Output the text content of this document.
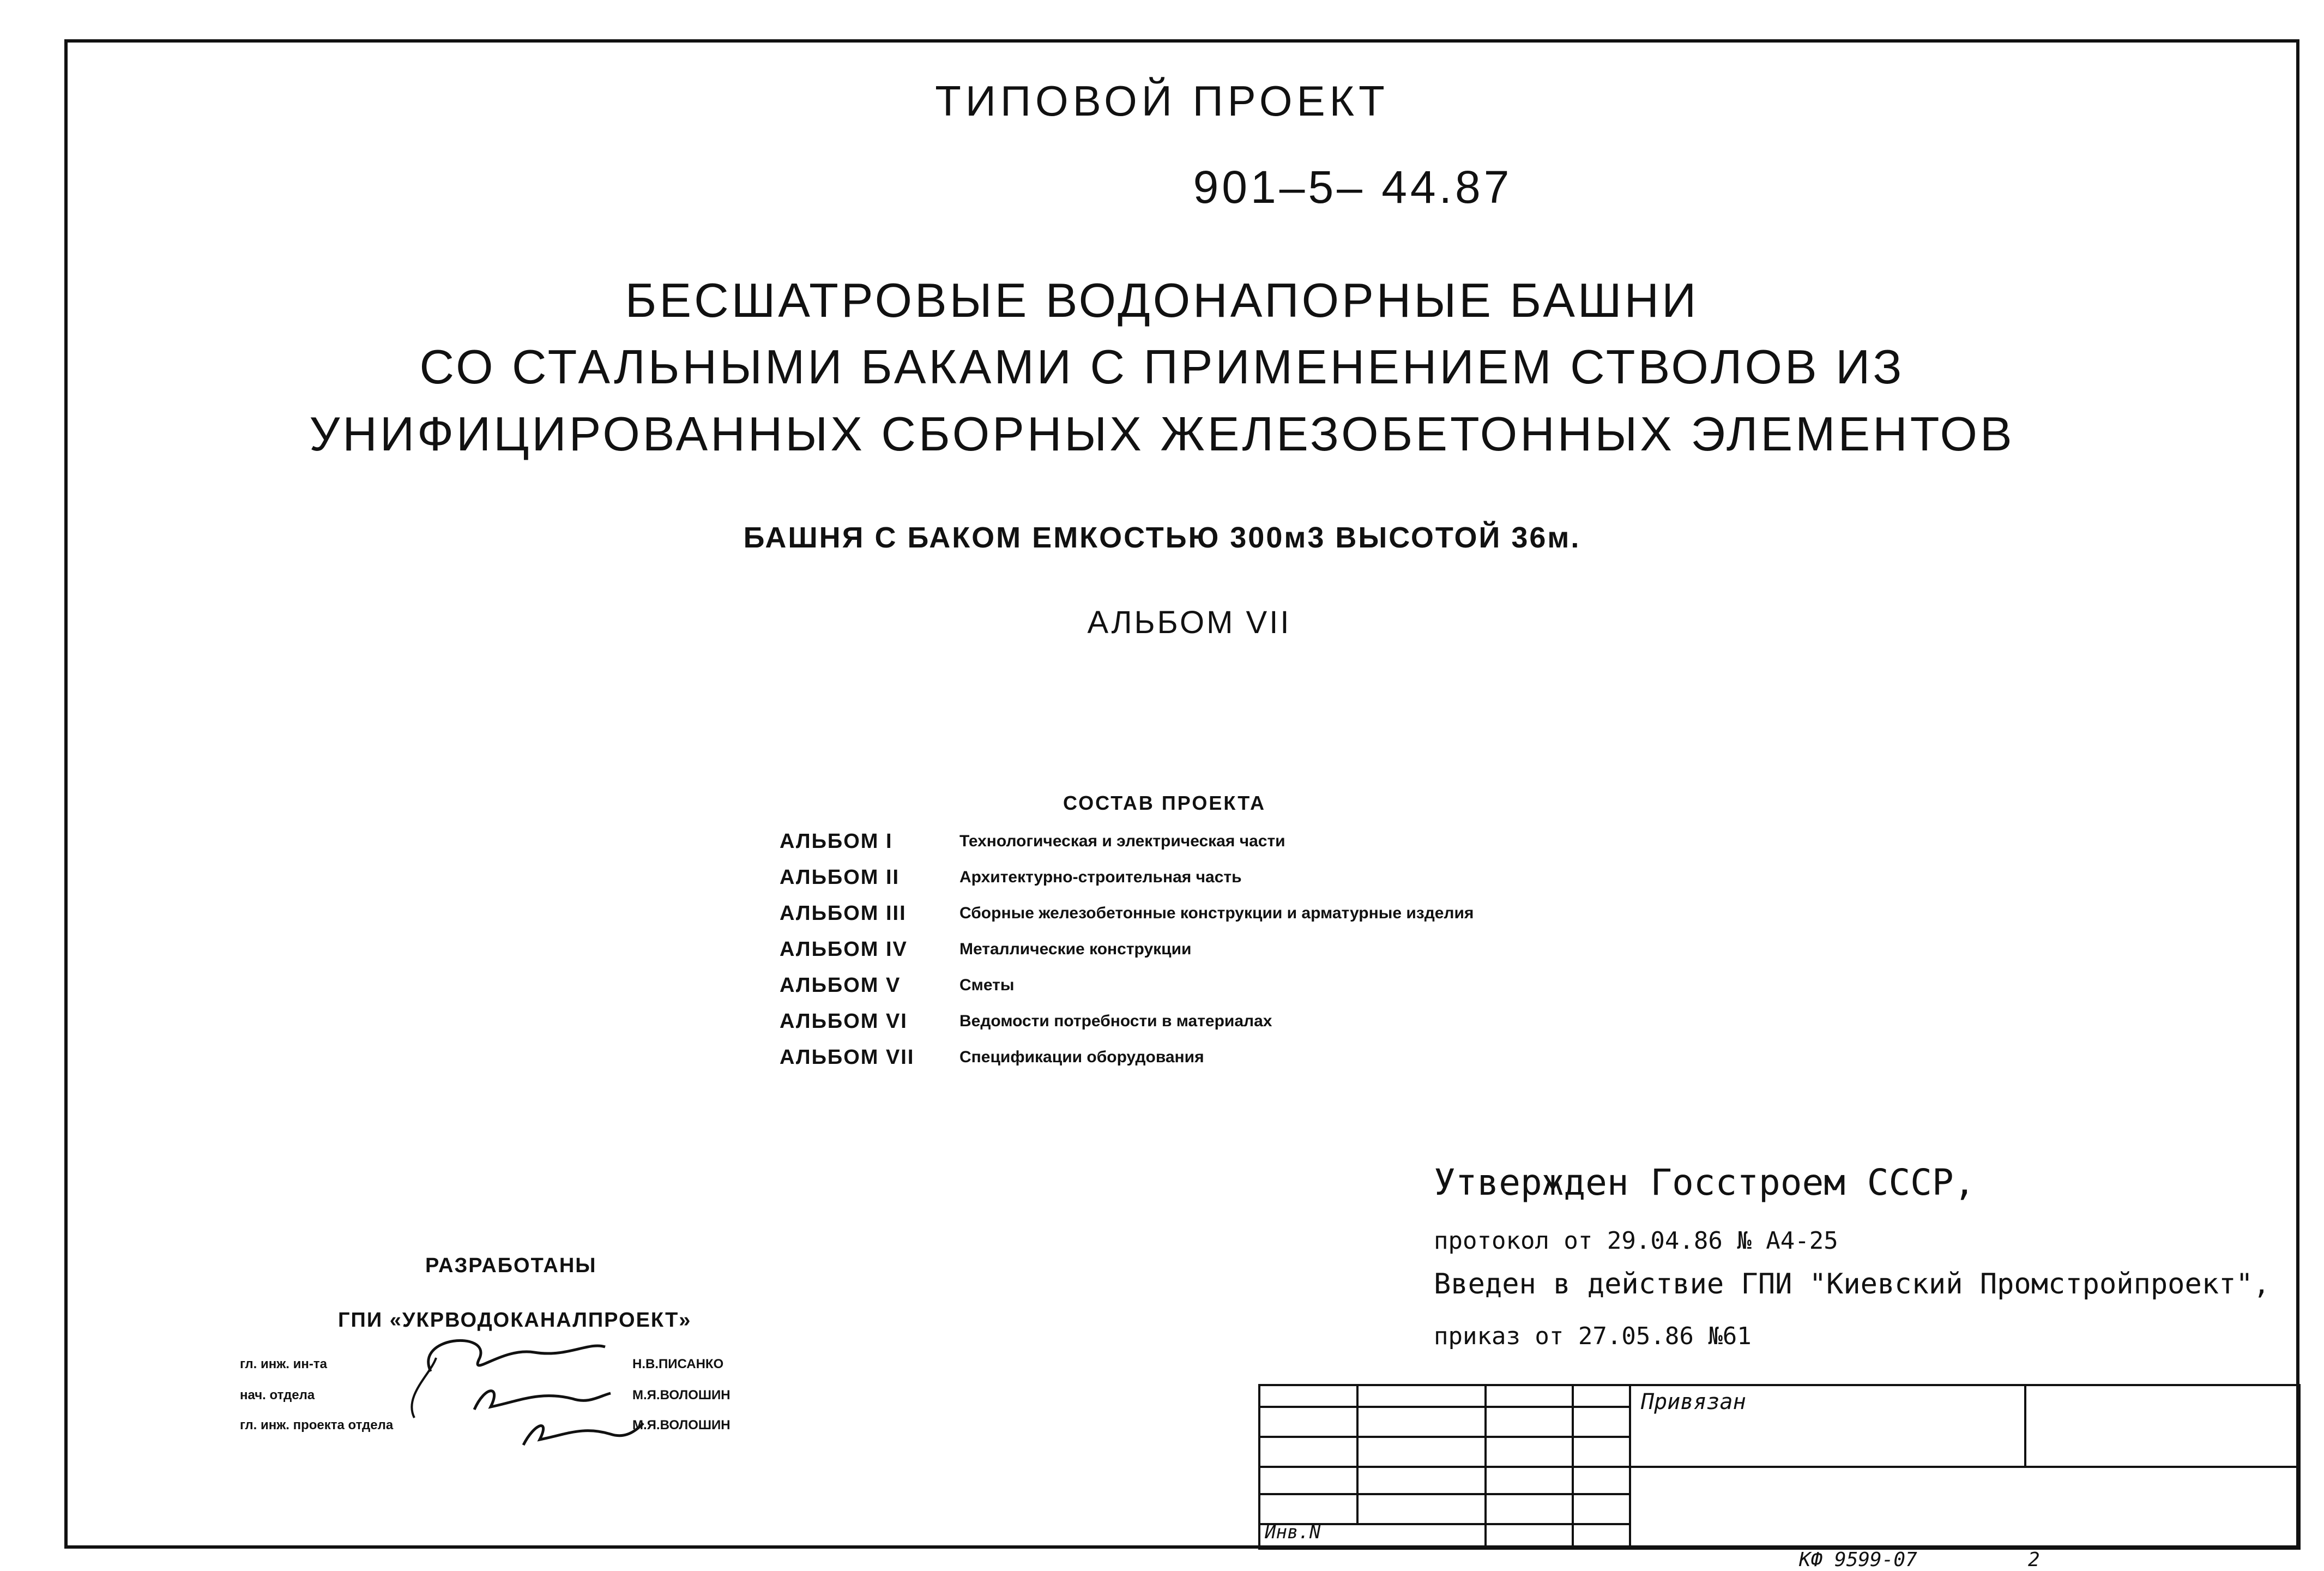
ТИПОВОЙ ПРОЕКТ
901–5– 44.87
БЕСШАТРОВЫЕ ВОДОНАПОРНЫЕ БАШНИ
СО СТАЛЬНЫМИ БАКАМИ С ПРИМЕНЕНИЕМ СТВОЛОВ ИЗ
УНИФИЦИРОВАННЫХ СБОРНЫХ ЖЕЛЕЗОБЕТОННЫХ ЭЛЕМЕНТОВ
БАШНЯ С БАКОМ ЕМКОСТЬЮ 300м3 ВЫСОТОЙ 36м.
АЛЬБОМ VII
СОСТАВ ПРОЕКТА
АЛЬБОМ I	Технологическая и электрическая части
АЛЬБОМ II	Архитектурно-строительная часть
АЛЬБОМ III	Сборные железобетонные конструкции и арматурные изделия
АЛЬБОМ IV	Металлические конструкции
АЛЬБОМ V	Сметы
АЛЬБОМ VI	Ведомости потребности в материалах
АЛЬБОМ VII	Спецификации оборудования
Утвержден Госстроем СССР,
протокол от 29.04.86 № А4-25
Введен в действие ГПИ "Киевский Промстройпроект",
приказ от 27.05.86 №61
РАЗРАБОТАНЫ
ГПИ «УКРВОДОКАНАЛПРОЕКТ»
гл. инж. ин-та	Н.В.ПИСАНКО
нач. отдела	М.Я.ВОЛОШИН
гл. инж. проекта отдела	М.Я.ВОЛОШИН
Привязан
Инв.N
КФ 9599-07	2
